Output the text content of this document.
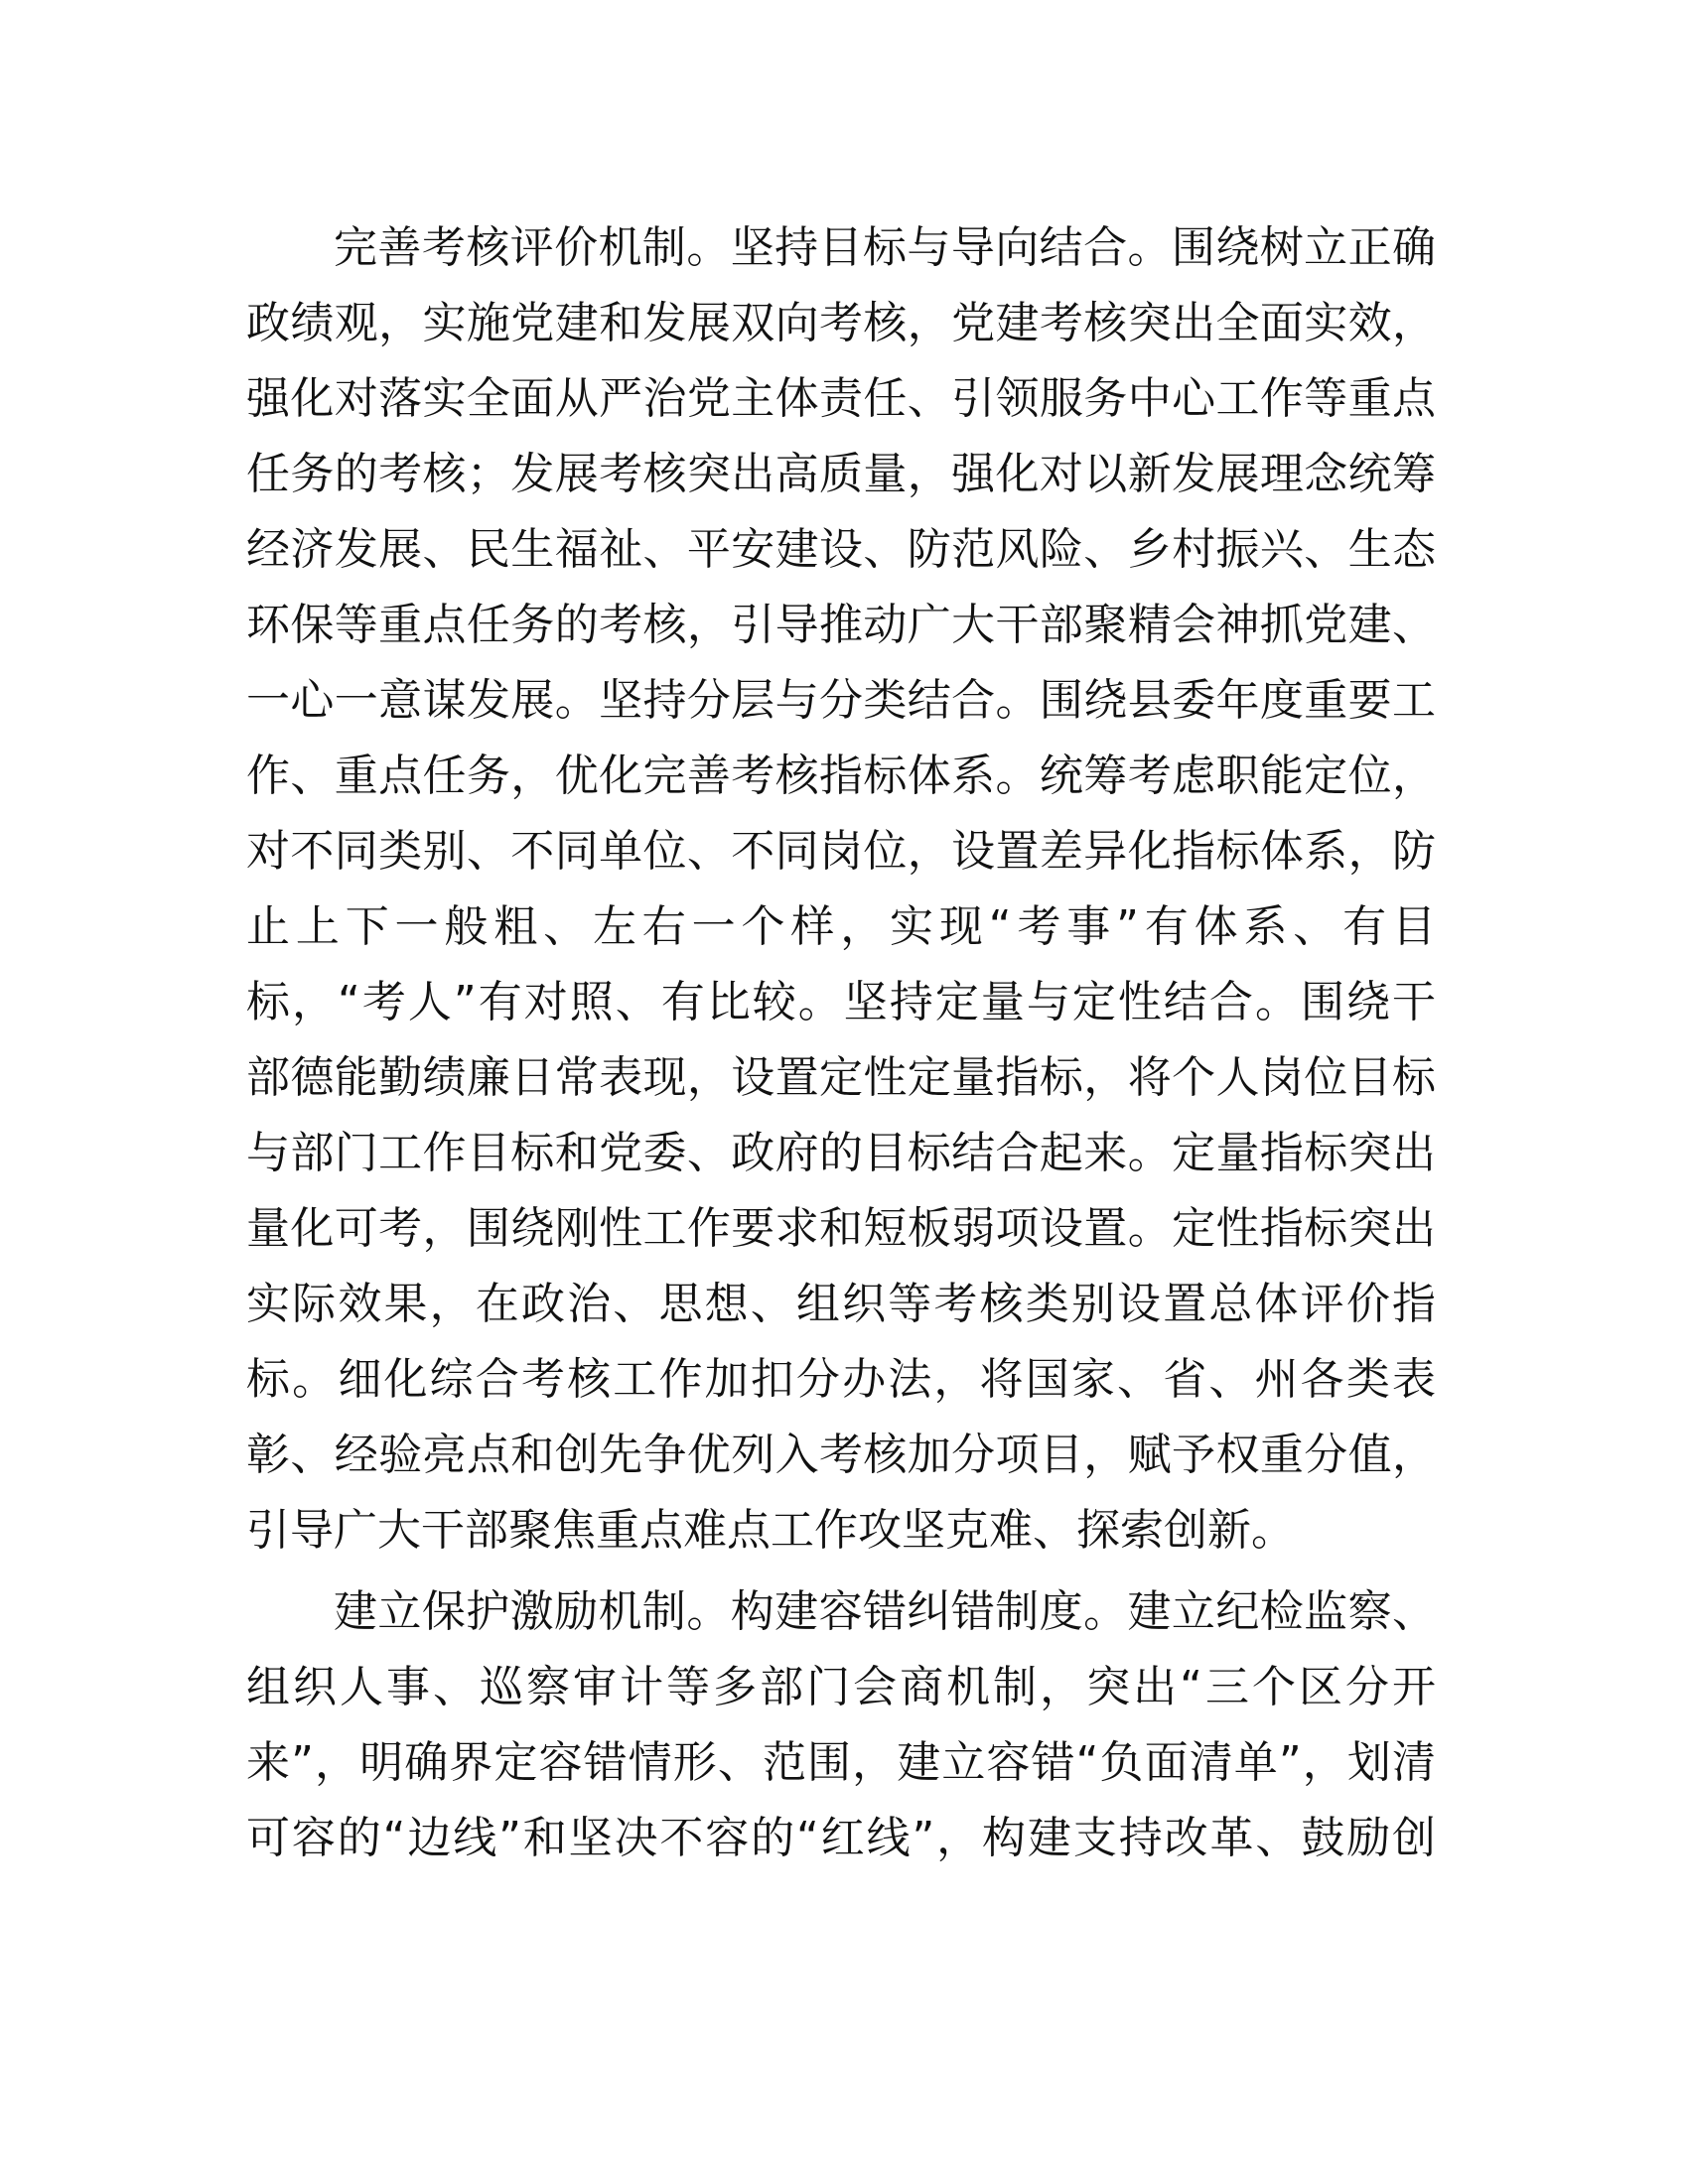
完善考核评价机制。坚持目标与导向结合。围绕树立正确
政绩观，实施党建和发展双向考核，党建考核突出全面实效，
强化对落实全面从严治党主体责任、引领服务中心工作等重点
任务的考核；发展考核突出高质量，强化对以新发展理念统筹
经济发展、民生福祉、平安建设、防范风险、乡村振兴、生态
环保等重点任务的考核，引导推动广大干部聚精会神抓党建、
一心一意谋发展。坚持分层与分类结合。围绕县委年度重要工
作、重点任务，优化完善考核指标体系。统筹考虑职能定位，
对不同类别、不同单位、不同岗位，设置差异化指标体系，防
止上下一般粗、左右一个样，实现“考事”有体系、有目
标，“考人”有对照、有比较。坚持定量与定性结合。围绕干
部德能勤绩廉日常表现，设置定性定量指标，将个人岗位目标
与部门工作目标和党委、政府的目标结合起来。定量指标突出
量化可考，围绕刚性工作要求和短板弱项设置。定性指标突出
实际效果，在政治、思想、组织等考核类别设置总体评价指
标。细化综合考核工作加扣分办法，将国家、省、州各类表
彰、经验亮点和创先争优列入考核加分项目，赋予权重分值，
引导广大干部聚焦重点难点工作攻坚克难、探索创新。
建立保护激励机制。构建容错纠错制度。建立纪检监察、
组织人事、巡察审计等多部门会商机制，突出“三个区分开
来”，明确界定容错情形、范围，建立容错“负面清单”，划清
可容的“边线”和坚决不容的“红线”，构建支持改革、鼓励创
